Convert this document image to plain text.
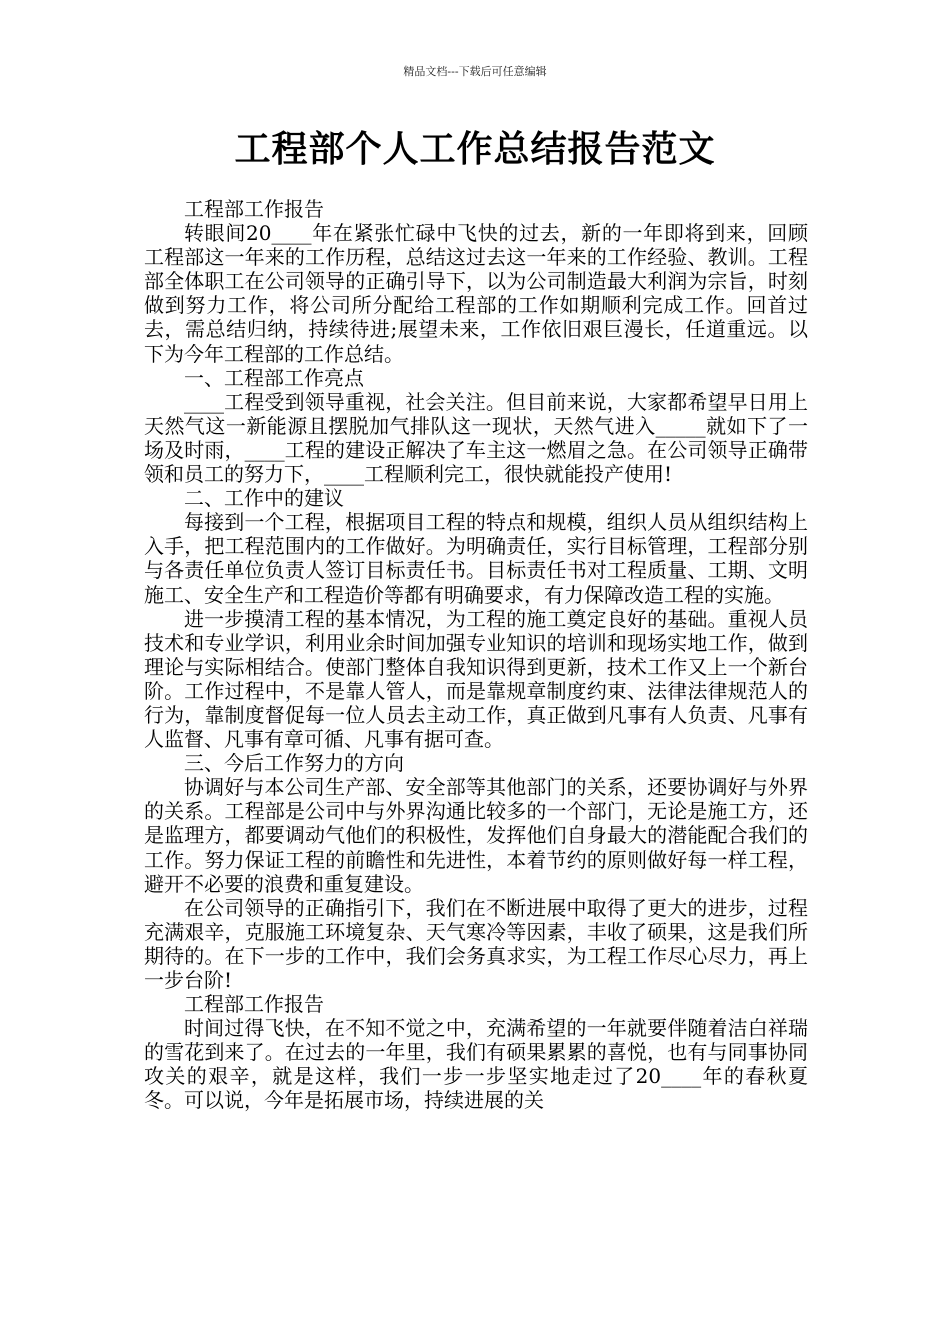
精品文档---下载后可任意编辑
工程部个人工作总结报告范文

工程部工作报告

转眼间20____年在紧张忙碌中飞快的过去，新的一年即将到来，回顾工程部这一年来的工作历程，总结这过去这一年来的工作经验、教训。工程部全体职工在公司领导的正确引导下，以为公司制造最大利润为宗旨，时刻做到努力工作，将公司所分配给工程部的工作如期顺利完成工作。回首过去，需总结归纳，持续待进;展望未来，工作依旧艰巨漫长，任道重远。以下为今年工程部的工作总结。

一、工程部工作亮点

____工程受到领导重视，社会关注。但目前来说，大家都希望早日用上天然气这一新能源且摆脱加气排队这一现状，天然气进入_____就如下了一场及时雨，____工程的建设正解决了车主这一燃眉之急。在公司领导正确带领和员工的努力下，____工程顺利完工，很快就能投产使用!

二、工作中的建议

每接到一个工程，根据项目工程的特点和规模，组织人员从组织结构上入手，把工程范围内的工作做好。为明确责任，实行目标管理，工程部分别与各责任单位负责人签订目标责任书。目标责任书对工程质量、工期、文明施工、安全生产和工程造价等都有明确要求，有力保障改造工程的实施。

进一步摸清工程的基本情况，为工程的施工奠定良好的基础。重视人员技术和专业学识，利用业余时间加强专业知识的培训和现场实地工作，做到理论与实际相结合。使部门整体自我知识得到更新，技术工作又上一个新台阶。工作过程中，不是靠人管人，而是靠规章制度约束、法律法律规范人的行为，靠制度督促每一位人员去主动工作，真正做到凡事有人负责、凡事有人监督、凡事有章可循、凡事有据可查。

三、今后工作努力的方向

协调好与本公司生产部、安全部等其他部门的关系，还要协调好与外界的关系。工程部是公司中与外界沟通比较多的一个部门，无论是施工方，还是监理方，都要调动气他们的积极性，发挥他们自身最大的潜能配合我们的工作。努力保证工程的前瞻性和先进性，本着节约的原则做好每一样工程，避开不必要的浪费和重复建设。

在公司领导的正确指引下，我们在不断进展中取得了更大的进步，过程充满艰辛，克服施工环境复杂、天气寒冷等因素，丰收了硕果，这是我们所期待的。在下一步的工作中，我们会务真求实，为工程工作尽心尽力，再上一步台阶!

工程部工作报告

时间过得飞快，在不知不觉之中，充满希望的一年就要伴随着洁白祥瑞的雪花到来了。在过去的一年里，我们有硕果累累的喜悦，也有与同事协同攻关的艰辛，就是这样，我们一步一步坚实地走过了20____年的春秋夏冬。可以说，今年是拓展市场，持续进展的关
